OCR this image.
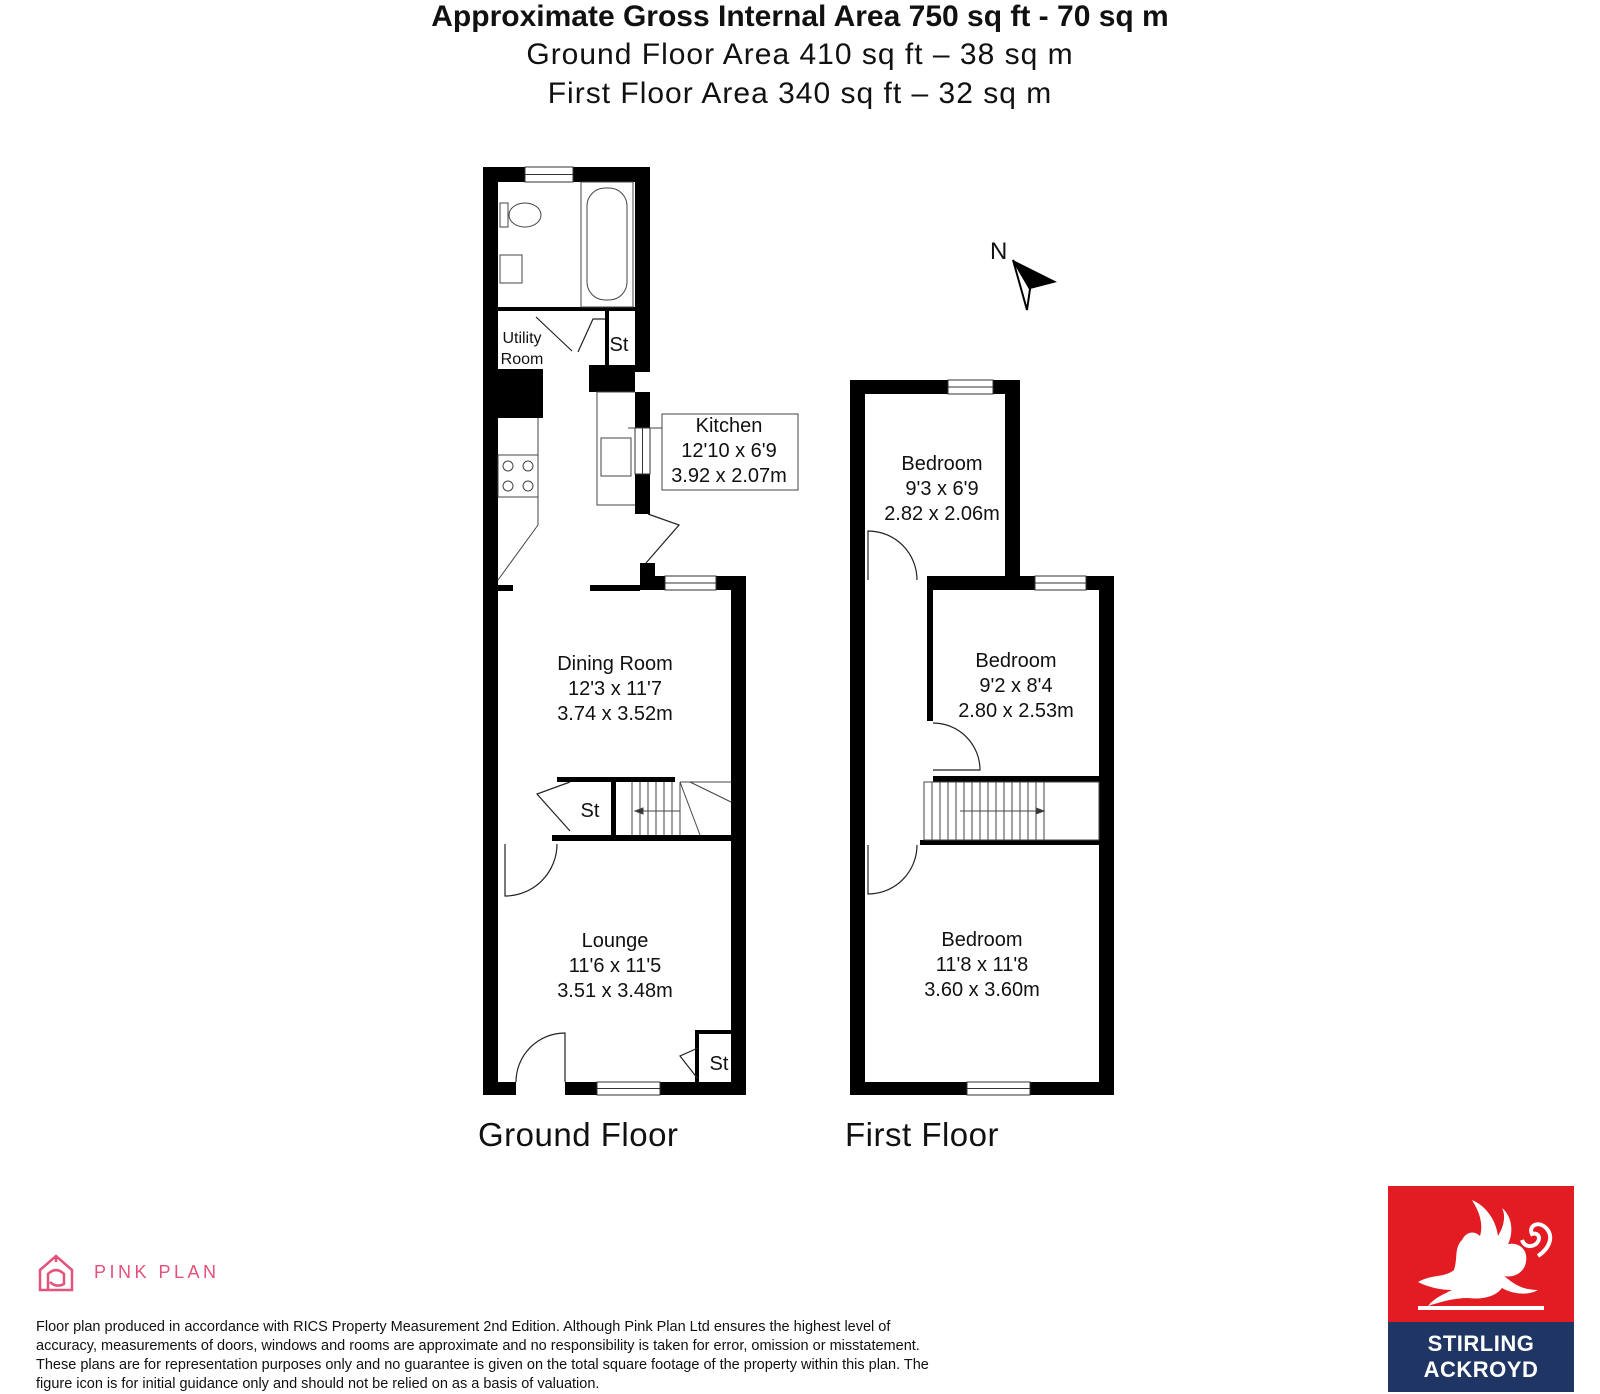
Approximate Gross Internal Area 750 sq ft - 70 sq m

Ground Floor Area 410 sq ft – 38 sq m

First Floor Area 340 sq ft – 32 sq m

Utility
Room
St
Kitchen
12'10 x 6'9
3.92 x 2.07m
Dining Room
12'3 x 11'7
3.74 x 3.52m
St
Lounge
11'6 x 11'5
3.51 x 3.48m
St
Bedroom
9'3 x 6'9
2.82 x 2.06m
Bedroom
9'2 x 8'4
2.80 x 2.53m
Bedroom
11'8 x 11'8
3.60 x 3.60m
N
Ground Floor	First Floor
PINK PLAN
Floor plan produced in accordance with RICS Property Measurement 2nd Edition. Although Pink Plan Ltd ensures the highest level of accuracy, measurements of doors, windows and rooms are approximate and no responsibility is taken for error, omission or misstatement. These plans are for representation purposes only and no guarantee is given on the total square footage of the property within this plan. The figure icon is for initial guidance only and should not be relied on as a basis of valuation.
STIRLING
ACKROYD
